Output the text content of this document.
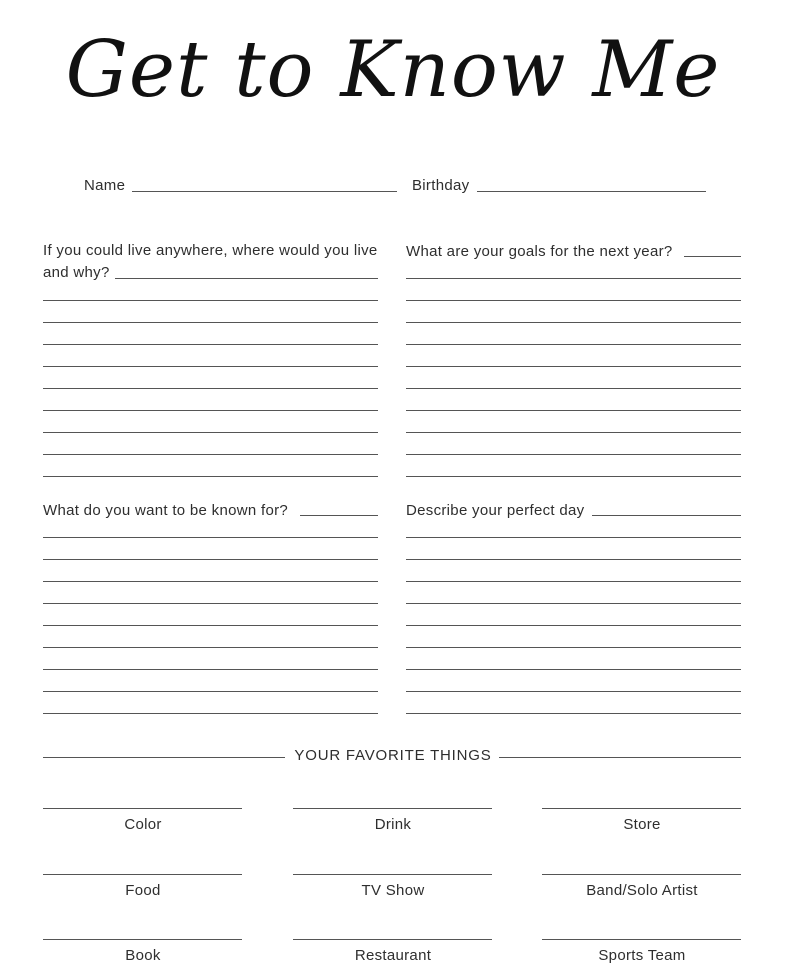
Get to Know Me
Name	Birthday
If you could live anywhere, where would you live and why?
What are your goals for the next year?
What do you want to be known for?	Describe your perfect day
YOUR FAVORITE THINGS
Color	Drink	Store
Food	TV Show	Band/Solo Artist
Book	Restaurant	Sports Team
